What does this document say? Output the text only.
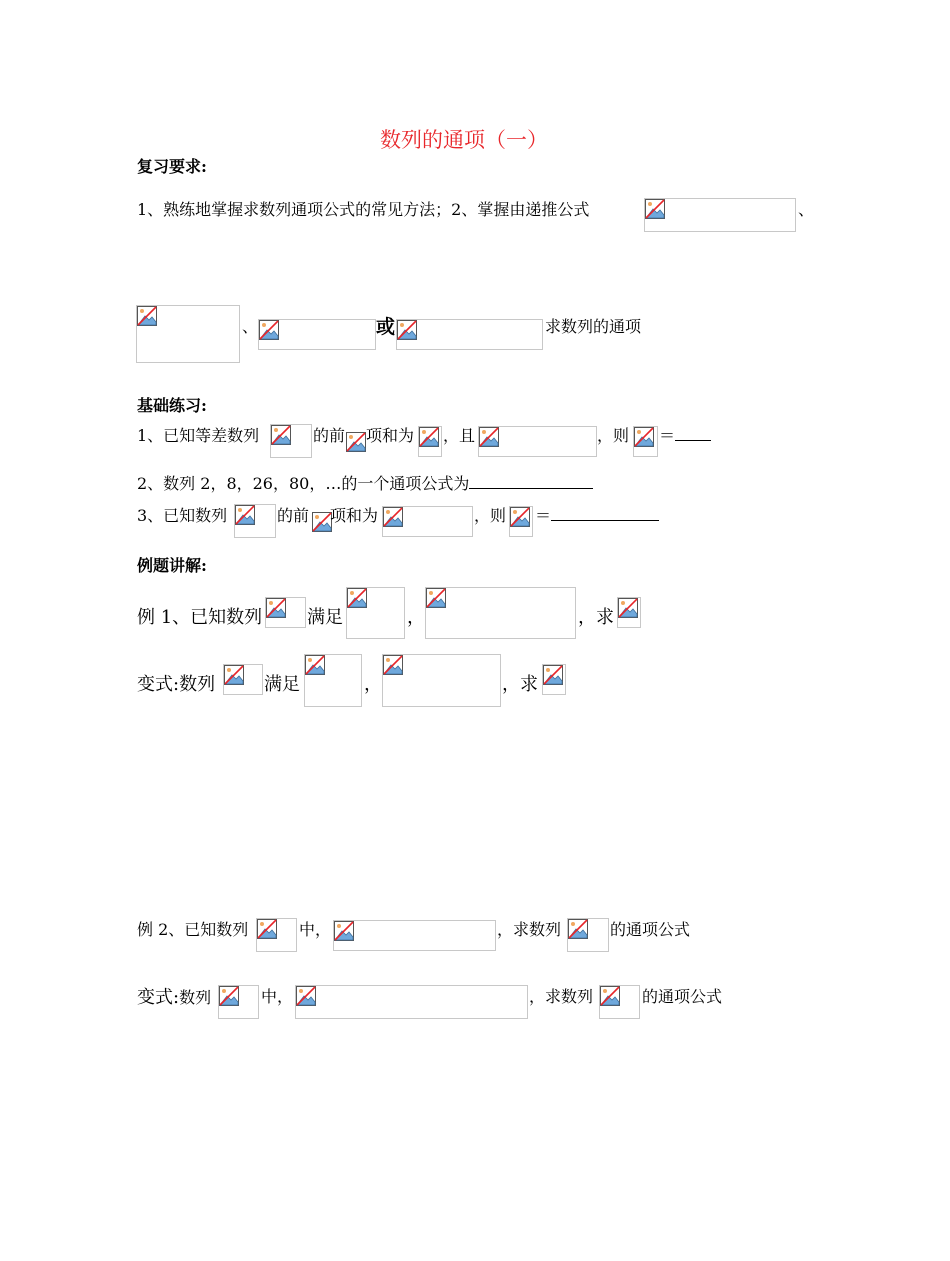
数列的通项（一）
复习要求:
1、熟练地掌握求数列通项公式的常见方法；2、掌握由递推公式	、
、	或	求数列的通项
基础练习:
1、已知等差数列	的前 项和为 ，且	，则 ＝
2、数列 2，8，26，80，…的一个通项公式为
3、已知数列	的前 项和为	，则 ＝
例题讲解:
例 1、已知数列 满足	，	，求
变式:数列	满足	，	，求
例 2、已知数列	中，	，求数列	的通项公式
变式:数列	中，	，求数列	的通项公式
